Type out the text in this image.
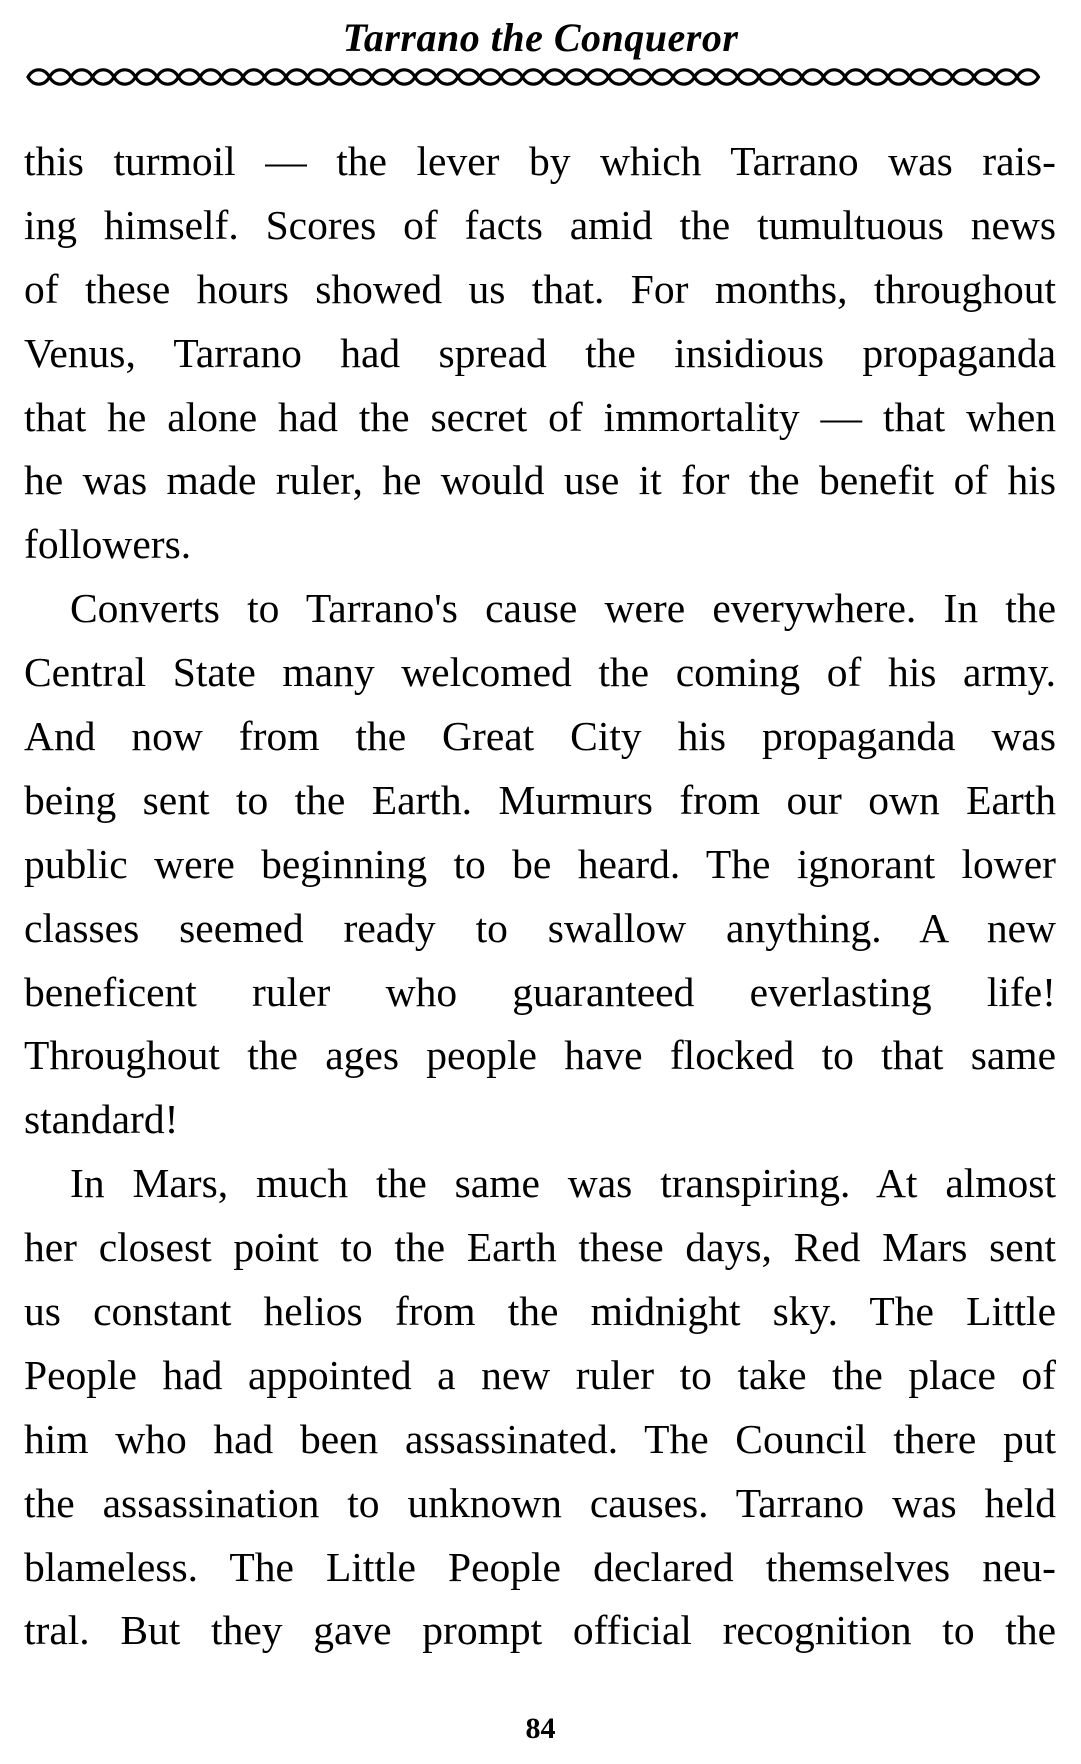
Tarrano the Conqueror
this turmoil — the lever by which Tarrano was rais-
ing himself. Scores of facts amid the tumultuous news
of these hours showed us that. For months, throughout
Venus, Tarrano had spread the insidious propaganda
that he alone had the secret of immortality — that when
he was made ruler, he would use it for the benefit of his
followers.
Converts to Tarrano's cause were everywhere. In the
Central State many welcomed the coming of his army.
And now from the Great City his propaganda was
being sent to the Earth. Murmurs from our own Earth
public were beginning to be heard. The ignorant lower
classes seemed ready to swallow anything. A new
beneficent ruler who guaranteed everlasting life!
Throughout the ages people have flocked to that same
standard!
In Mars, much the same was transpiring. At almost
her closest point to the Earth these days, Red Mars sent
us constant helios from the midnight sky. The Little
People had appointed a new ruler to take the place of
him who had been assassinated. The Council there put
the assassination to unknown causes. Tarrano was held
blameless. The Little People declared themselves neu-
tral. But they gave prompt official recognition to the
84
